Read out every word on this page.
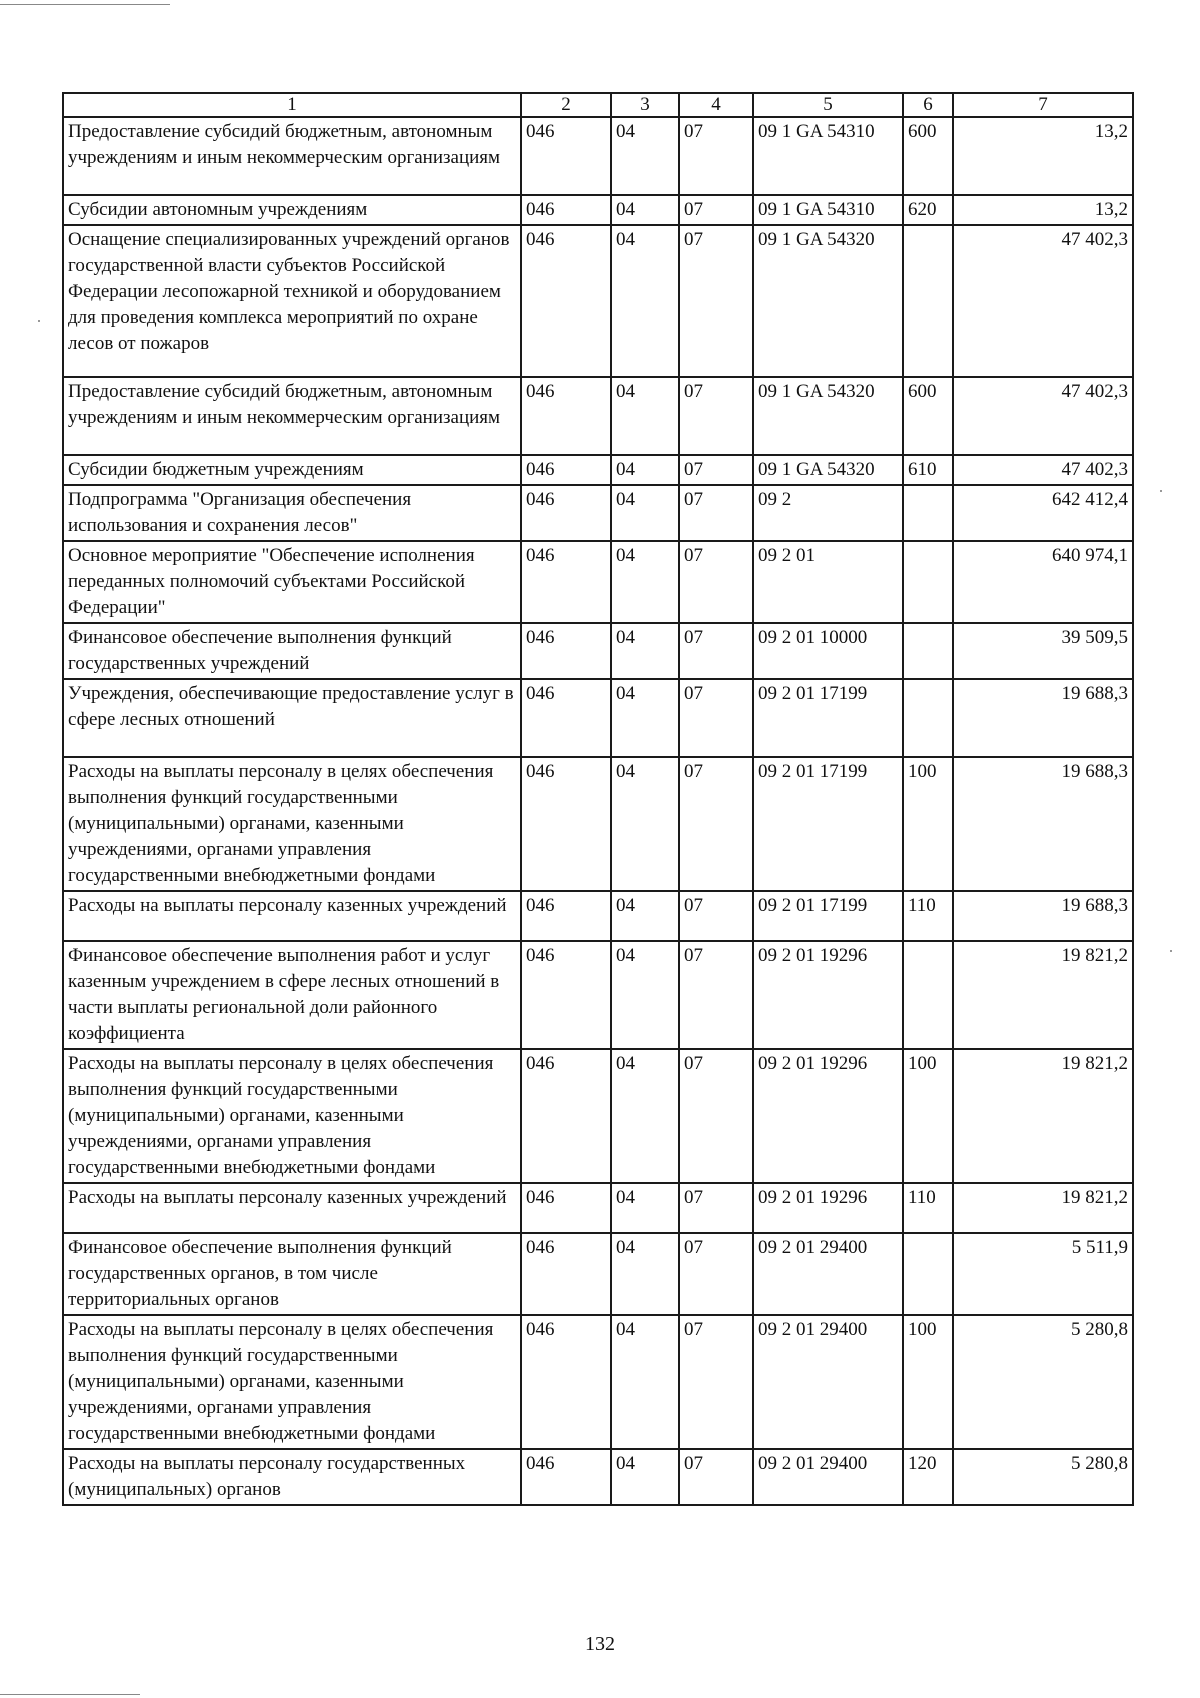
1	2	3	4	5	6	7
Предоставление субсидий бюджетным, автономным учреждениям и иным некоммерческим организациям	046	04	07	09 1 GA 54310	600	13,2
Субсидии автономным учреждениям	046	04	07	09 1 GA 54310	620	13,2
Оснащение специализированных учреждений органов государственной власти субъектов Российской Федерации лесопожарной техникой и оборудованием для проведения комплекса мероприятий по охране лесов от пожаров	046	04	07	09 1 GA 54320		47 402,3
Предоставление субсидий бюджетным, автономным учреждениям и иным некоммерческим организациям	046	04	07	09 1 GA 54320	600	47 402,3
Субсидии бюджетным учреждениям	046	04	07	09 1 GA 54320	610	47 402,3
Подпрограмма "Организация обеспечения использования и сохранения лесов"	046	04	07	09 2		642 412,4
Основное мероприятие "Обеспечение исполнения переданных полномочий субъектами Российской Федерации"	046	04	07	09 2 01		640 974,1
Финансовое обеспечение выполнения функций государственных учреждений	046	04	07	09 2 01 10000		39 509,5
Учреждения, обеспечивающие предоставление услуг в сфере лесных отношений	046	04	07	09 2 01 17199		19 688,3
Расходы на выплаты персоналу в целях обеспечения выполнения функций государственными (муниципальными) органами, казенными учреждениями, органами управления государственными внебюджетными фондами	046	04	07	09 2 01 17199	100	19 688,3
Расходы на выплаты персоналу казенных учреждений	046	04	07	09 2 01 17199	110	19 688,3
Финансовое обеспечение выполнения работ и услуг казенным учреждением в сфере лесных отношений в части выплаты региональной доли районного коэффициента	046	04	07	09 2 01 19296		19 821,2
Расходы на выплаты персоналу в целях обеспечения выполнения функций государственными (муниципальными) органами, казенными учреждениями, органами управления государственными внебюджетными фондами	046	04	07	09 2 01 19296	100	19 821,2
Расходы на выплаты персоналу казенных учреждений	046	04	07	09 2 01 19296	110	19 821,2
Финансовое обеспечение выполнения функций государственных органов, в том числе территориальных органов	046	04	07	09 2 01 29400		5 511,9
Расходы на выплаты персоналу в целях обеспечения выполнения функций государственными (муниципальными) органами, казенными учреждениями, органами управления государственными внебюджетными фондами	046	04	07	09 2 01 29400	100	5 280,8
Расходы на выплаты персоналу государственных (муниципальных) органов	046	04	07	09 2 01 29400	120	5 280,8
132
